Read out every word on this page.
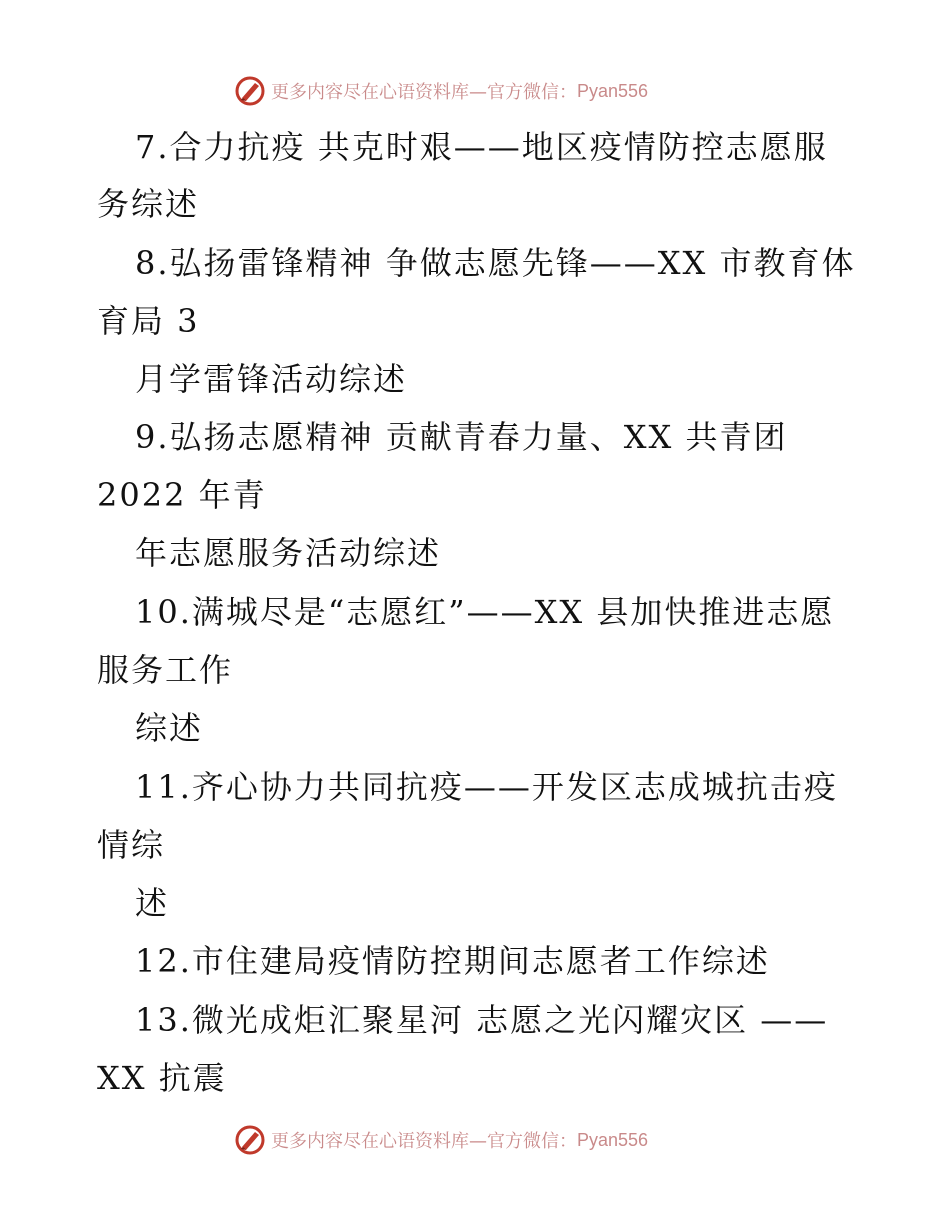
更多内容尽在心语资料库—官方微信： Pyan556
7.合力抗疫 共克时艰——地区疫情防控志愿服
务综述
8.弘扬雷锋精神 争做志愿先锋——XX 市教育体
育局 3
月学雷锋活动综述
9.弘扬志愿精神 贡献青春力量、XX 共青团
2022 年青
年志愿服务活动综述
10.满城尽是“志愿红”——XX 县加快推进志愿
服务工作
综述
11.齐心协力共同抗疫——开发区志成城抗击疫
情综
述
12.市住建局疫情防控期间志愿者工作综述
13.微光成炬汇聚星河 志愿之光闪耀灾区 ——
XX 抗震
更多内容尽在心语资料库—官方微信： Pyan556
